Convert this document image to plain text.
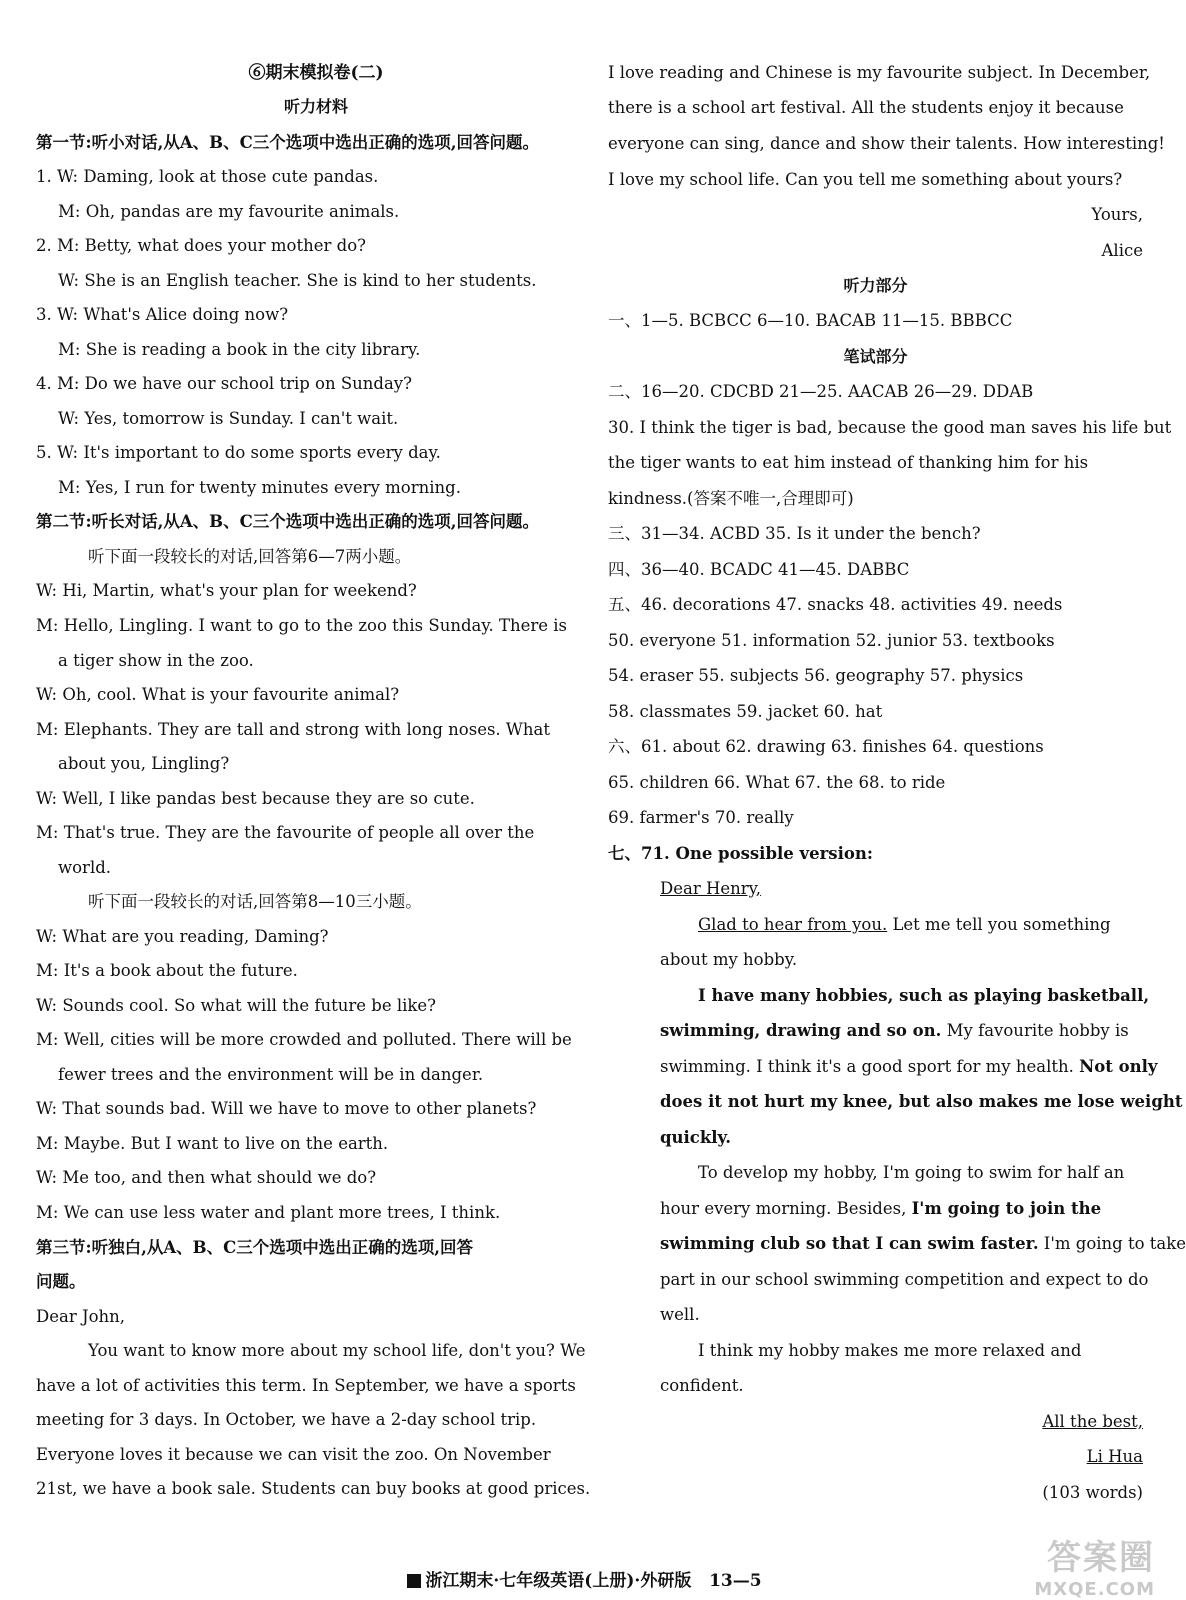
⑥期末模拟卷(二)
听力材料
第一节:听小对话,从A、B、C三个选项中选出正确的选项,回答问题。
1. W: Daming, look at those cute pandas.
M: Oh, pandas are my favourite animals.
2. M: Betty, what does your mother do?
W: She is an English teacher. She is kind to her students.
3. W: What's Alice doing now?
M: She is reading a book in the city library.
4. M: Do we have our school trip on Sunday?
W: Yes, tomorrow is Sunday. I can't wait.
5. W: It's important to do some sports every day.
M: Yes, I run for twenty minutes every morning.
第二节:听长对话,从A、B、C三个选项中选出正确的选项,回答问题。
听下面一段较长的对话,回答第6—7两小题。
W: Hi, Martin, what's your plan for weekend?
M: Hello, Lingling. I want to go to the zoo this Sunday. There is
a tiger show in the zoo.
W: Oh, cool. What is your favourite animal?
M: Elephants. They are tall and strong with long noses. What
about you, Lingling?
W: Well, I like pandas best because they are so cute.
M: That's true. They are the favourite of people all over the
world.
听下面一段较长的对话,回答第8—10三小题。
W: What are you reading, Daming?
M: It's a book about the future.
W: Sounds cool. So what will the future be like?
M: Well, cities will be more crowded and polluted. There will be
fewer trees and the environment will be in danger.
W: That sounds bad. Will we have to move to other planets?
M: Maybe. But I want to live on the earth.
W: Me too, and then what should we do?
M: We can use less water and plant more trees, I think.
第三节:听独白,从A、B、C三个选项中选出正确的选项,回答
问题。
Dear John,
You want to know more about my school life, don't you? We
have a lot of activities this term. In September, we have a sports
meeting for 3 days. In October, we have a 2-day school trip.
Everyone loves it because we can visit the zoo. On November
21st, we have a book sale. Students can buy books at good prices.
I love reading and Chinese is my favourite subject. In December,
there is a school art festival. All the students enjoy it because
everyone can sing, dance and show their talents. How interesting!
I love my school life. Can you tell me something about yours?
Yours,
Alice
听力部分
一、1—5. BCBCC 6—10. BACAB 11—15. BBBCC
笔试部分
二、16—20. CDCBD 21—25. AACAB 26—29. DDAB
30. I think the tiger is bad, because the good man saves his life but
the tiger wants to eat him instead of thanking him for his
kindness.(答案不唯一,合理即可)
三、31—34. ACBD 35. Is it under the bench?
四、36—40. BCADC 41—45. DABBC
五、46. decorations 47. snacks 48. activities 49. needs
50. everyone 51. information 52. junior 53. textbooks
54. eraser 55. subjects 56. geography 57. physics
58. classmates 59. jacket 60. hat
六、61. about 62. drawing 63. finishes 64. questions
65. children 66. What 67. the 68. to ride
69. farmer's 70. really
七、71. One possible version:
Dear Henry,
Glad to hear from you. Let me tell you something
about my hobby.
I have many hobbies, such as playing basketball,
swimming, drawing and so on. My favourite hobby is
swimming. I think it's a good sport for my health. Not only
does it not hurt my knee, but also makes me lose weight
quickly.
To develop my hobby, I'm going to swim for half an
hour every morning. Besides, I'm going to join the
swimming club so that I can swim faster. I'm going to take
part in our school swimming competition and expect to do
well.
I think my hobby makes me more relaxed and
confident.
All the best,
Li Hua
(103 words)
浙江期末·七年级英语(上册)·外研版 13—5
答案圈
MXQE.COM
